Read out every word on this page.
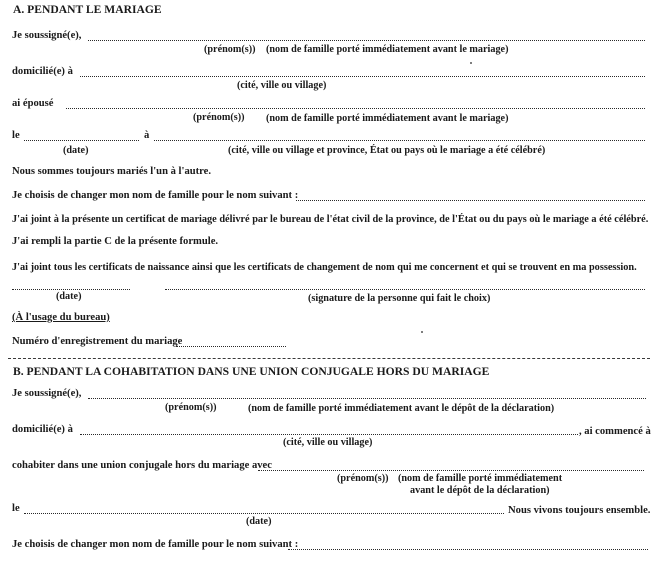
A. PENDANT LE MARIAGE
Je soussigné(e),
(prénom(s)) (nom de famille porté immédiatement avant le mariage)
domicilié(e) à
(cité, ville ou village)
ai épousé
(prénom(s)) (nom de famille porté immédiatement avant le mariage)
le	à
(date)	(cité, ville ou village et province, État ou pays où le mariage a été célébré)
Nous sommes toujours mariés l'un à l'autre.
Je choisis de changer mon nom de famille pour le nom suivant :
J'ai joint à la présente un certificat de mariage délivré par le bureau de l'état civil de la province, de l'État ou du pays où le mariage a été célébré.
J'ai rempli la partie C de la présente formule.
J'ai joint tous les certificats de naissance ainsi que les certificats de changement de nom qui me concernent et qui se trouvent en ma possession.
(date)	(signature de la personne qui fait le choix)
(À l'usage du bureau)
Numéro d'enregistrement du mariage
B. PENDANT LA COHABITATION DANS UNE UNION CONJUGALE HORS DU MARIAGE
Je soussigné(e),
(prénom(s))	(nom de famille porté immédiatement avant le dépôt de la déclaration)
domicilié(e) à	, ai commencé à
(cité, ville ou village)
cohabiter dans une union conjugale hors du mariage avec
(prénom(s)) (nom de famille porté immédiatement
avant le dépôt de la déclaration)
le	Nous vivons toujours ensemble.
(date)
Je choisis de changer mon nom de famille pour le nom suivant :
